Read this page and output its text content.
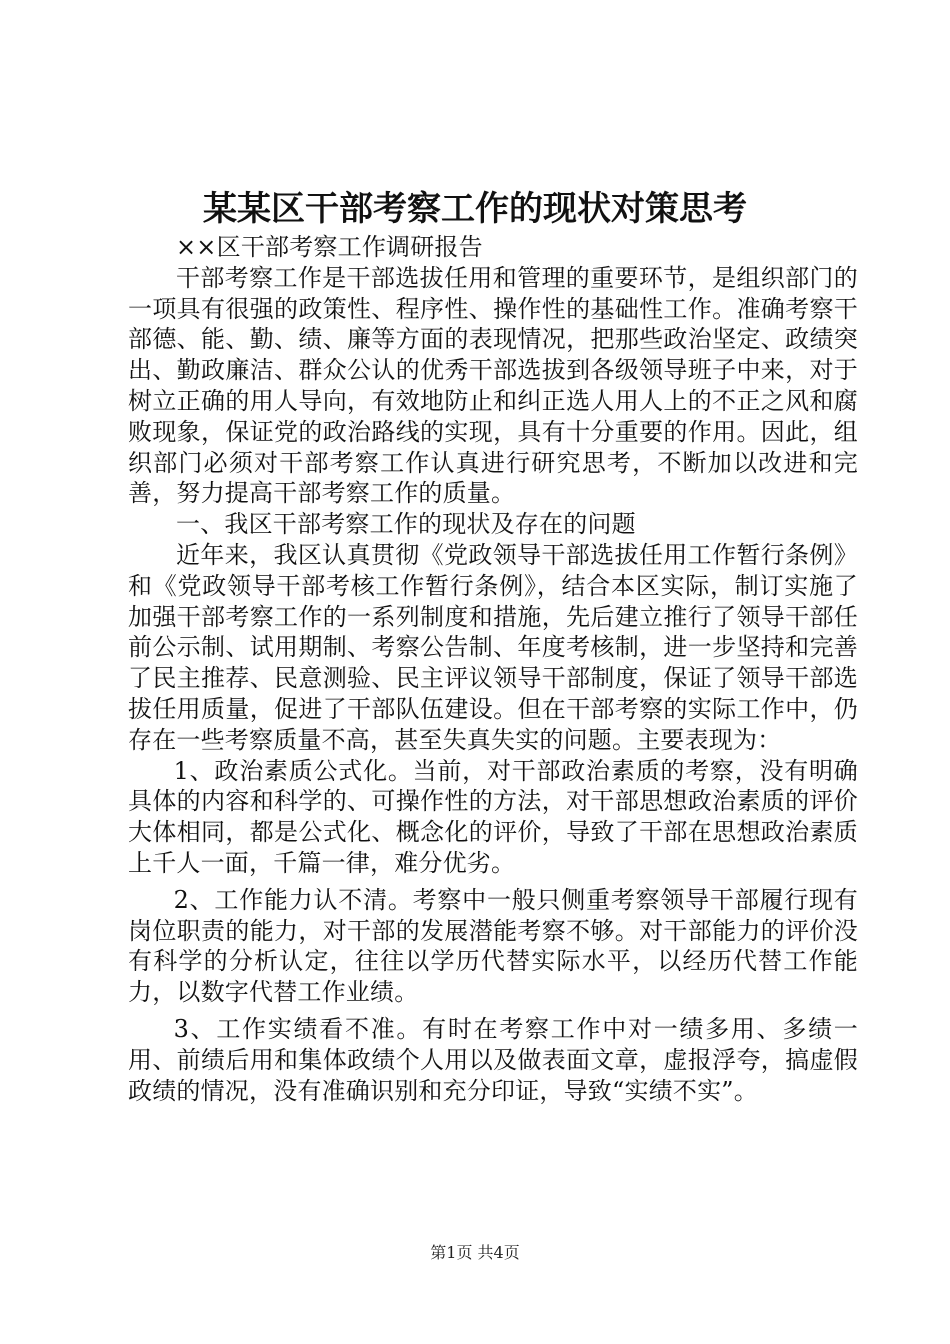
某某区干部考察工作的现状对策思考

××区干部考察工作调研报告

干部考察工作是干部选拔任用和管理的重要环节，是组织部门的一项具有很强的政策性、程序性、操作性的基础性工作。准确考察干部德、能、勤、绩、廉等方面的表现情况，把那些政治坚定、政绩突出、勤政廉洁、群众公认的优秀干部选拔到各级领导班子中来，对于树立正确的用人导向，有效地防止和纠正选人用人上的不正之风和腐败现象，保证党的政治路线的实现，具有十分重要的作用。因此，组织部门必须对干部考察工作认真进行研究思考，不断加以改进和完善，努力提高干部考察工作的质量。

一、我区干部考察工作的现状及存在的问题

近年来，我区认真贯彻《党政领导干部选拔任用工作暂行条例》和《党政领导干部考核工作暂行条例》，结合本区实际，制订实施了加强干部考察工作的一系列制度和措施，先后建立推行了领导干部任前公示制、试用期制、考察公告制、年度考核制，进一步坚持和完善了民主推荐、民意测验、民主评议领导干部制度，保证了领导干部选拔任用质量，促进了干部队伍建设。但在干部考察的实际工作中，仍存在一些考察质量不高，甚至失真失实的问题。主要表现为：

1、政治素质公式化。当前，对干部政治素质的考察，没有明确具体的内容和科学的、可操作性的方法，对干部思想政治素质的评价大体相同，都是公式化、概念化的评价，导致了干部在思想政治素质上千人一面，千篇一律，难分优劣。

2、工作能力认不清。考察中一般只侧重考察领导干部履行现有岗位职责的能力，对干部的发展潜能考察不够。对干部能力的评价没有科学的分析认定，往往以学历代替实际水平，以经历代替工作能力，以数字代替工作业绩。

3、工作实绩看不准。有时在考察工作中对一绩多用、多绩一用、前绩后用和集体政绩个人用以及做表面文章，虚报浮夸，搞虚假政绩的情况，没有准确识别和充分印证，导致“实绩不实”。

第1页 共4页
